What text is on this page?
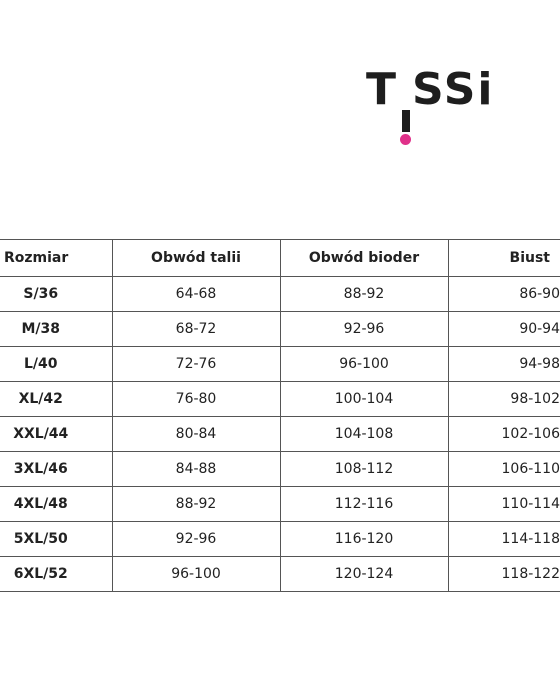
T SSi
Rozmiar	Obwód talii	Obwód bioder	Biust
S/36	64-68	88-92	86-90
M/38	68-72	92-96	90-94
L/40	72-76	96-100	94-98
XL/42	76-80	100-104	98-102
XXL/44	80-84	104-108	102-106
3XL/46	84-88	108-112	106-110
4XL/48	88-92	112-116	110-114
5XL/50	92-96	116-120	114-118
6XL/52	96-100	120-124	118-122
